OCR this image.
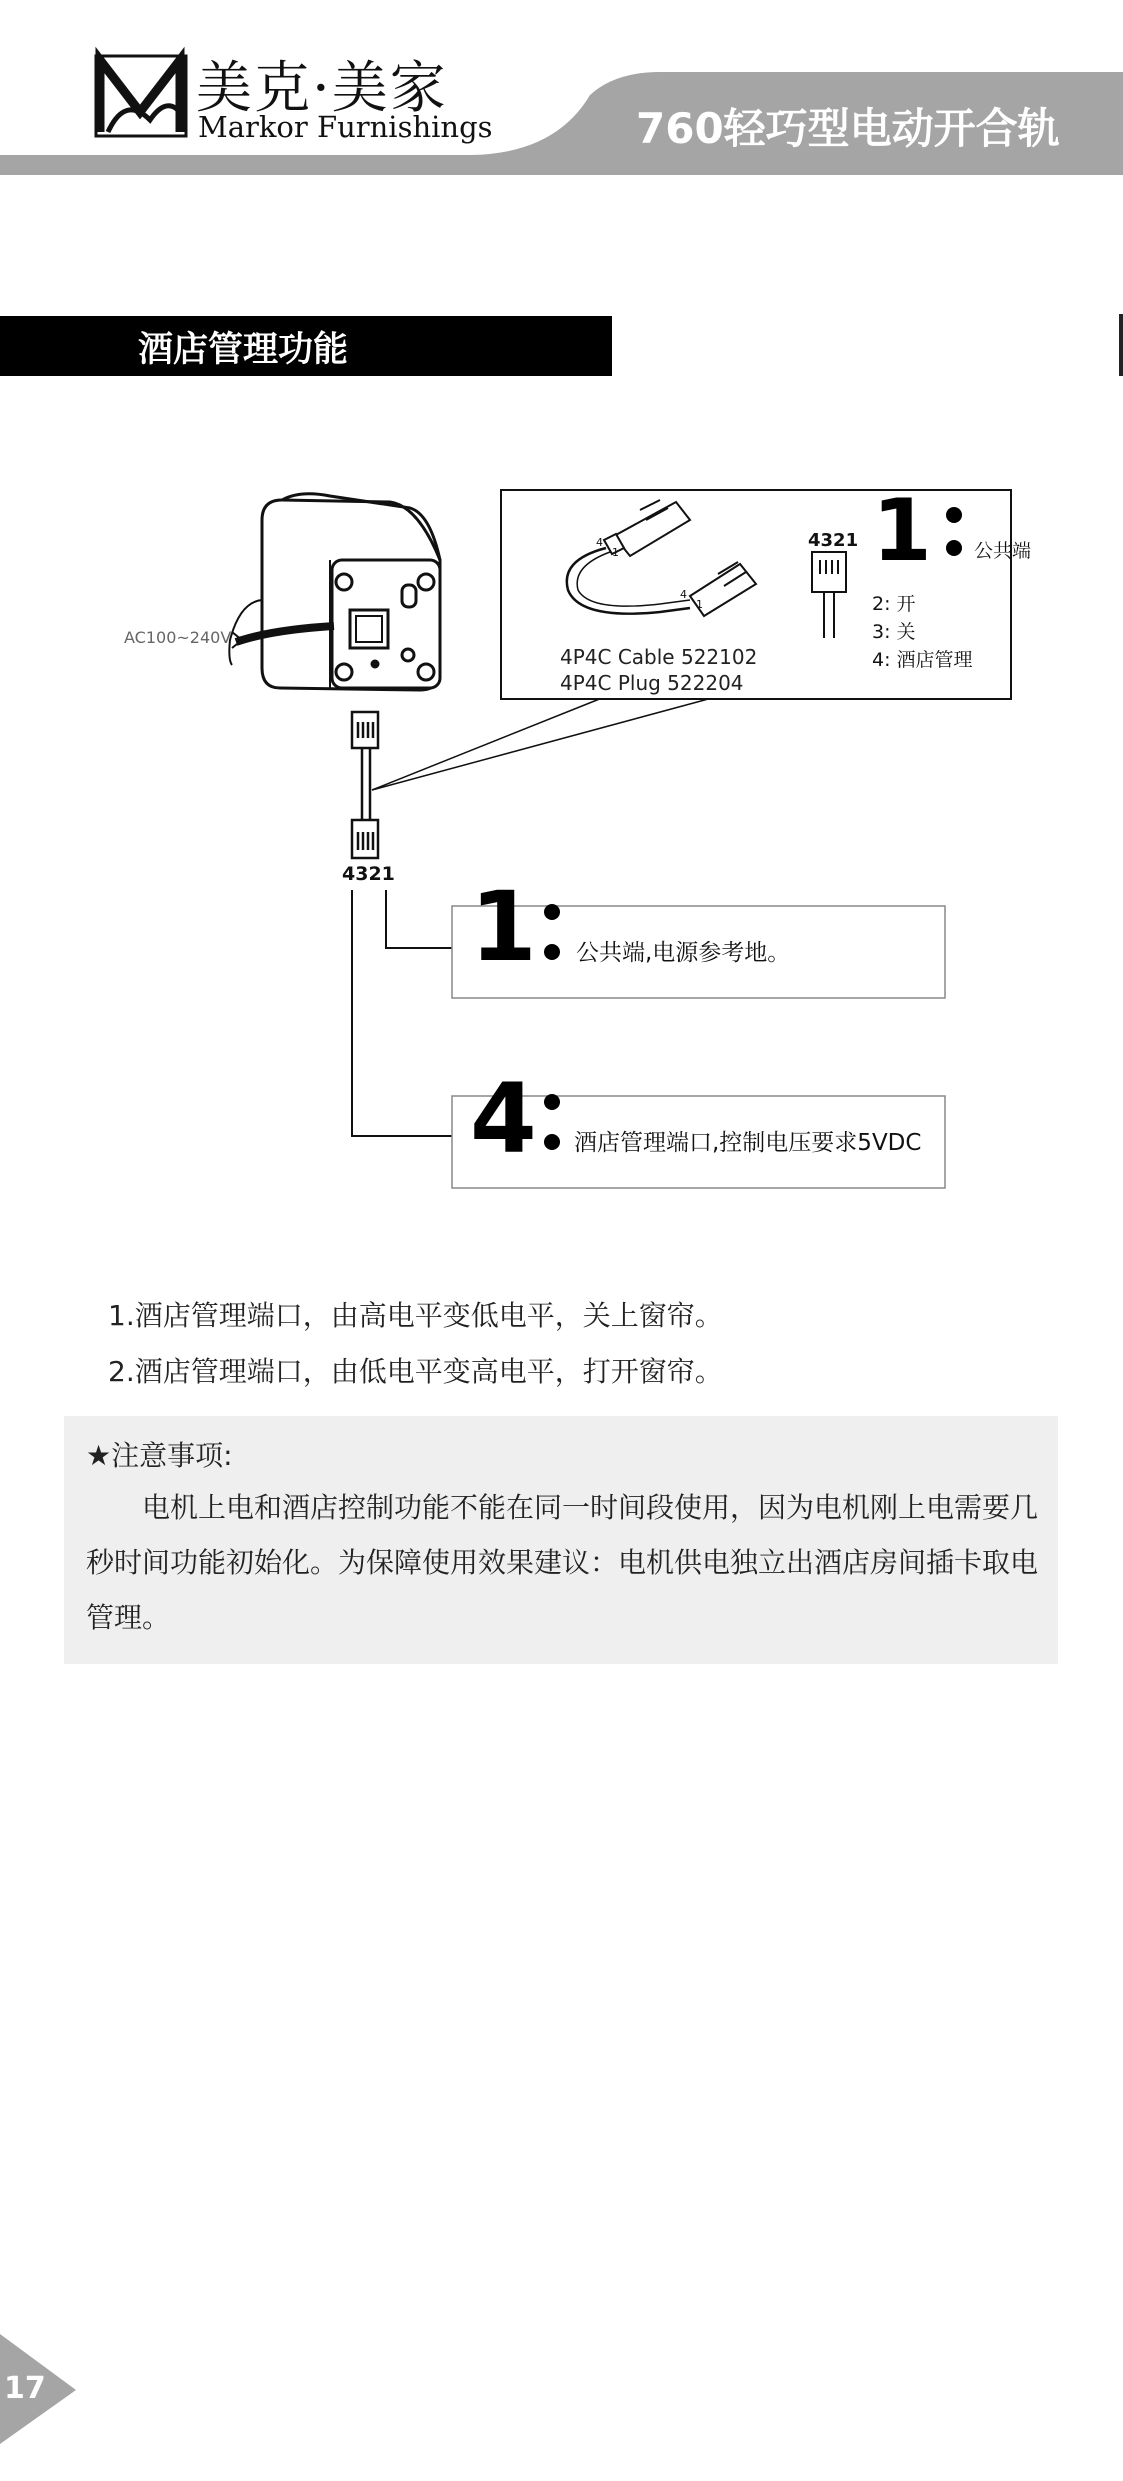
美克·美家
Markor Furnishings	760轻巧型电动开合轨
酒店管理功能
AC100~240V
4321
4
1
4
1
4321 1 公共端
2: 开
3: 关
4: 酒店管理
4P4C Cable 522102
4P4C Plug 522204
1 公共端,电源参考地。
4 酒店管理端口,控制电压要求5VDC
1.酒店管理端口，由高电平变低电平，关上窗帘。
2.酒店管理端口，由低电平变高电平，打开窗帘。
★注意事项:
电机上电和酒店控制功能不能在同一时间段使用，因为电机刚上电需要几秒时间功能初始化。为保障使用效果建议：电机供电独立出酒店房间插卡取电管理。
17
